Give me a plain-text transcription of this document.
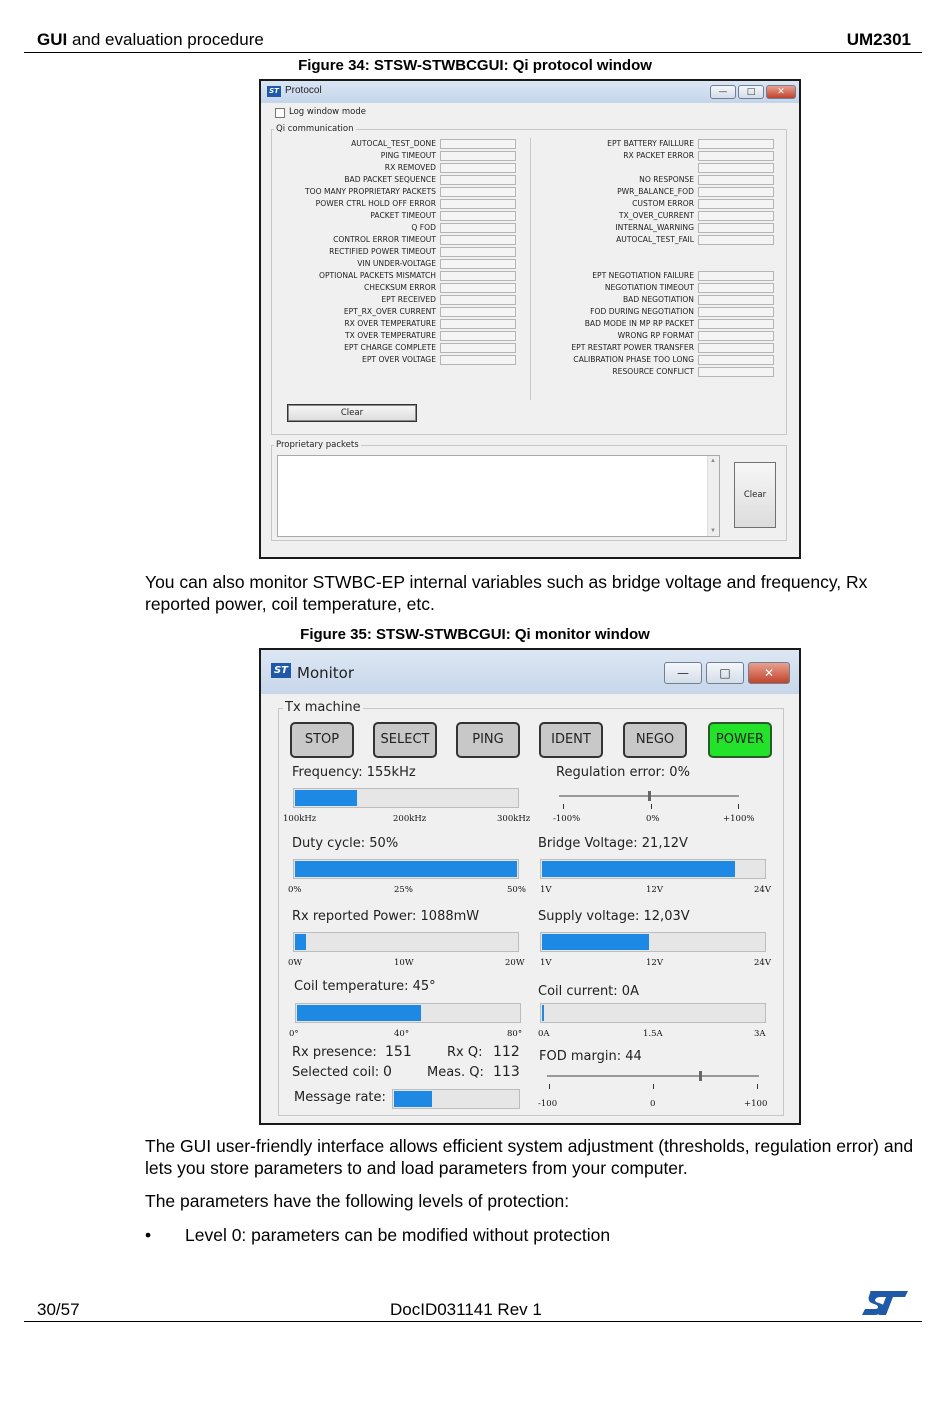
GUI and evaluation procedure	UM2301
Figure 34: STSW-STWBCGUI: Qi protocol window
ST Protocol	—	□	✕
Log window mode
Qi communication
AUTOCAL_TEST_DONE
PING TIMEOUT
RX REMOVED
BAD PACKET SEQUENCE
TOO MANY PROPRIETARY PACKETS
POWER CTRL HOLD OFF ERROR
PACKET TIMEOUT
Q FOD
CONTROL ERROR TIMEOUT
RECTIFIED POWER TIMEOUT
VIN UNDER-VOLTAGE
OPTIONAL PACKETS MISMATCH
CHECKSUM ERROR
EPT RECEIVED
EPT_RX_OVER CURRENT
RX OVER TEMPERATURE
TX OVER TEMPERATURE
EPT CHARGE COMPLETE
EPT OVER VOLTAGE
EPT BATTERY FAILLURE
RX PACKET ERROR
NO RESPONSE
PWR_BALANCE_FOD
CUSTOM ERROR
TX_OVER_CURRENT
INTERNAL_WARNING
AUTOCAL_TEST_FAIL
EPT NEGOTIATION FAILURE
NEGOTIATION TIMEOUT
BAD NEGOTIATION
FOD DURING NEGOTIATION
BAD MODE IN MP RP PACKET
WRONG RP FORMAT
EPT RESTART POWER TRANSFER
CALIBRATION PHASE TOO LONG
RESOURCE CONFLICT
Clear
Proprietary packets
▲
▼
Clear
You can also monitor STWBC-EP internal variables such as bridge voltage and frequency, Rx reported power, coil temperature, etc.
Figure 35: STSW-STWBCGUI: Qi monitor window
ST Monitor	—	□	✕
Tx machine
STOP	SELECT	PING	IDENT	NEGO	POWER
Frequency: 155kHz
100kHz	200kHz	300kHz
Regulation error: 0%
-100%	0%	+100%
Duty cycle: 50%
0%	25%	50%
Bridge Voltage: 21,12V
1V	12V	24V
Rx reported Power: 1088mW
0W	10W	20W
Supply voltage: 12,03V
1V	12V	24V
Coil temperature: 45°
0°	40°	80°
Coil current: 0A
0A	1.5A	3A
Rx presence: 151	Rx Q: 112
Selected coil: 0	Meas. Q: 113
FOD margin: 44
-100	0	+100
Message rate:
The GUI user-friendly interface allows efficient system adjustment (thresholds, regulation error) and lets you store parameters to and load parameters from your computer.
The parameters have the following levels of protection:
• Level 0: parameters can be modified without protection
30/57	DocID031141 Rev 1
